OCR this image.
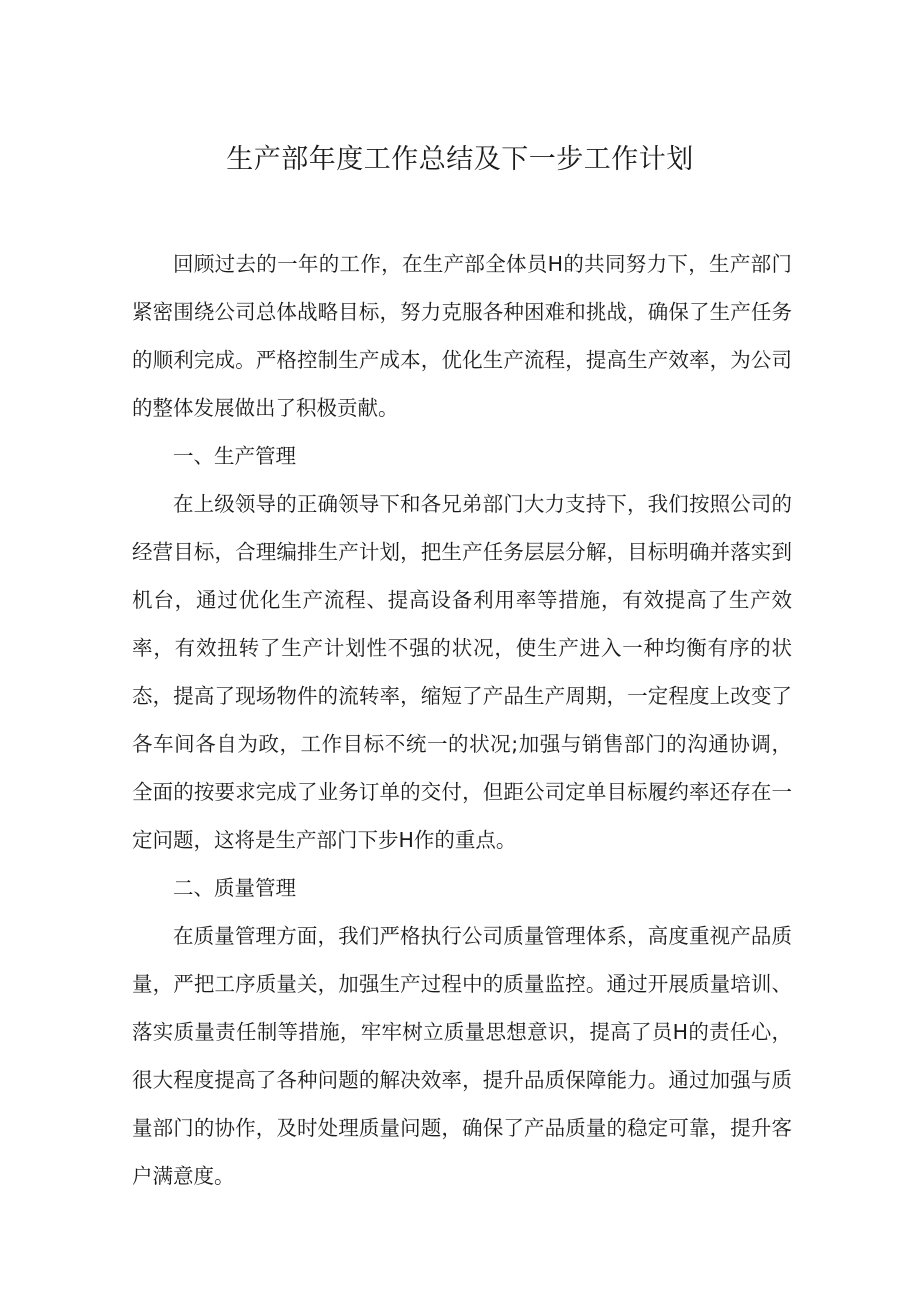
生产部年度工作总结及下一步工作计划

回顾过去的一年的工作，在生产部全体员H的共同努力下，生产部门紧密围绕公司总体战略目标，努力克服各种困难和挑战，确保了生产任务的顺利完成。严格控制生产成本，优化生产流程，提高生产效率，为公司的整体发展做出了积极贡献。

一、生产管理

在上级领导的正确领导下和各兄弟部门大力支持下，我们按照公司的经营目标，合理编排生产计划，把生产任务层层分解，目标明确并落实到机台，通过优化生产流程、提高设备利用率等措施，有效提高了生产效率，有效扭转了生产计划性不强的状况，使生产进入一种均衡有序的状态，提高了现场物件的流转率，缩短了产品生产周期，一定程度上改变了各车间各自为政，工作目标不统一的状况;加强与销售部门的沟通协调，全面的按要求完成了业务订单的交付，但距公司定单目标履约率还存在一定问题，这将是生产部门下步H作的重点。

二、质量管理

在质量管理方面，我们严格执行公司质量管理体系，高度重视产品质量，严把工序质量关，加强生产过程中的质量监控。通过开展质量培训、落实质量责任制等措施，牢牢树立质量思想意识，提高了员H的责任心，很大程度提高了各种问题的解决效率，提升品质保障能力。通过加强与质量部门的协作，及时处理质量问题，确保了产品质量的稳定可靠，提升客户满意度。
